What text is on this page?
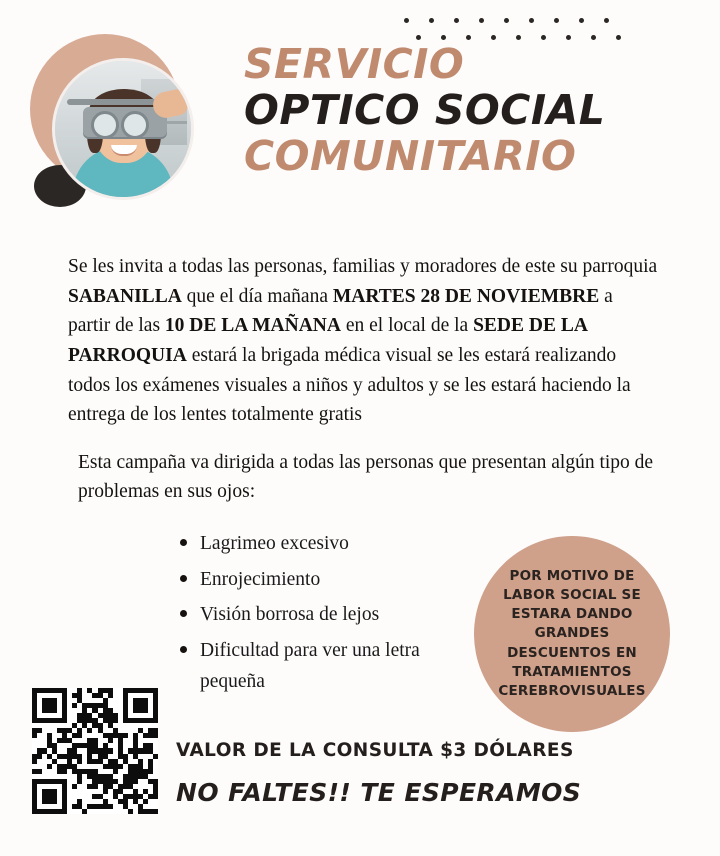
SERVICIO
OPTICO SOCIAL
COMUNITARIO
Se les invita a todas las personas, familias y moradores de este su parroquia SABANILLA que el día mañana MARTES 28 DE NOVIEMBRE a partir de las 10 DE LA MAÑANA en el local de la SEDE DE LA PARROQUIA estará la brigada médica visual se les estará realizando todos los exámenes visuales a niños y adultos y se les estará haciendo la entrega de los lentes totalmente gratis
Esta campaña va dirigida a todas las personas que presentan algún tipo de problemas en sus ojos:
Lagrimeo excesivo
Enrojecimiento
Visión borrosa de lejos
Dificultad para ver una letra pequeña
POR MOTIVO DE LABOR SOCIAL SE ESTARA DANDO GRANDES DESCUENTOS EN TRATAMIENTOS CEREBROVISUALES
VALOR DE LA CONSULTA $3 DÓLARES
NO FALTES!! TE ESPERAMOS
